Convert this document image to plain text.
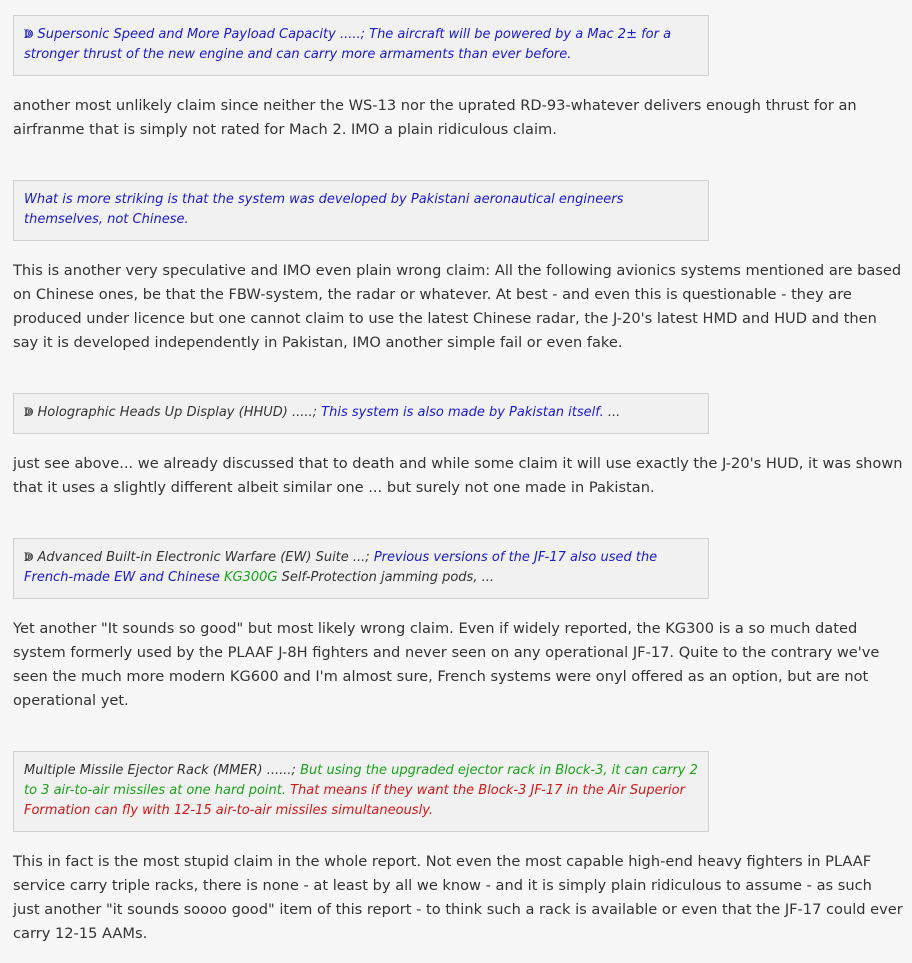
ↇ Supersonic Speed and More Payload Capacity .....; The aircraft will be powered by a Mac 2± for a stronger thrust of the new engine and can carry more armaments than ever before.

another most unlikely claim since neither the WS-13 nor the uprated RD-93-whatever delivers enough thrust for an airfranme that is simply not rated for Mach 2. IMO a plain ridiculous claim.

What is more striking is that the system was developed by Pakistani aeronautical engineers themselves, not Chinese.

This is another very speculative and IMO even plain wrong claim: All the following avionics systems mentioned are based on Chinese ones, be that the FBW-system, the radar or whatever. At best - and even this is questionable - they are produced under licence but one cannot claim to use the latest Chinese radar, the J-20's latest HMD and HUD and then say it is developed independently in Pakistan, IMO another simple fail or even fake.

ↇ Holographic Heads Up Display (HHUD) .....; This system is also made by Pakistan itself. ...

just see above... we already discussed that to death and while some claim it will use exactly the J-20's HUD, it was shown that it uses a slightly different albeit similar one ... but surely not one made in Pakistan.

ↇ Advanced Built-in Electronic Warfare (EW) Suite ...; Previous versions of the JF-17 also used the French-made EW and Chinese KG300G Self-Protection jamming pods, ...

Yet another "It sounds so good" but most likely wrong claim. Even if widely reported, the KG300 is a so much dated system formerly used by the PLAAF J-8H fighters and never seen on any operational JF-17. Quite to the contrary we've seen the much more modern KG600 and I'm almost sure, French systems were onyl offered as an option, but are not operational yet.

Multiple Missile Ejector Rack (MMER) ......; But using the upgraded ejector rack in Block-3, it can carry 2 to 3 air-to-air missiles at one hard point. That means if they want the Block-3 JF-17 in the Air Superior Formation can fly with 12-15 air-to-air missiles simultaneously.

This in fact is the most stupid claim in the whole report. Not even the most capable high-end heavy fighters in PLAAF service carry triple racks, there is none - at least by all we know - and it is simply plain ridiculous to assume - as such just another "it sounds soooo good" item of this report - to think such a rack is available or even that the JF-17 could ever carry 12-15 AAMs.
